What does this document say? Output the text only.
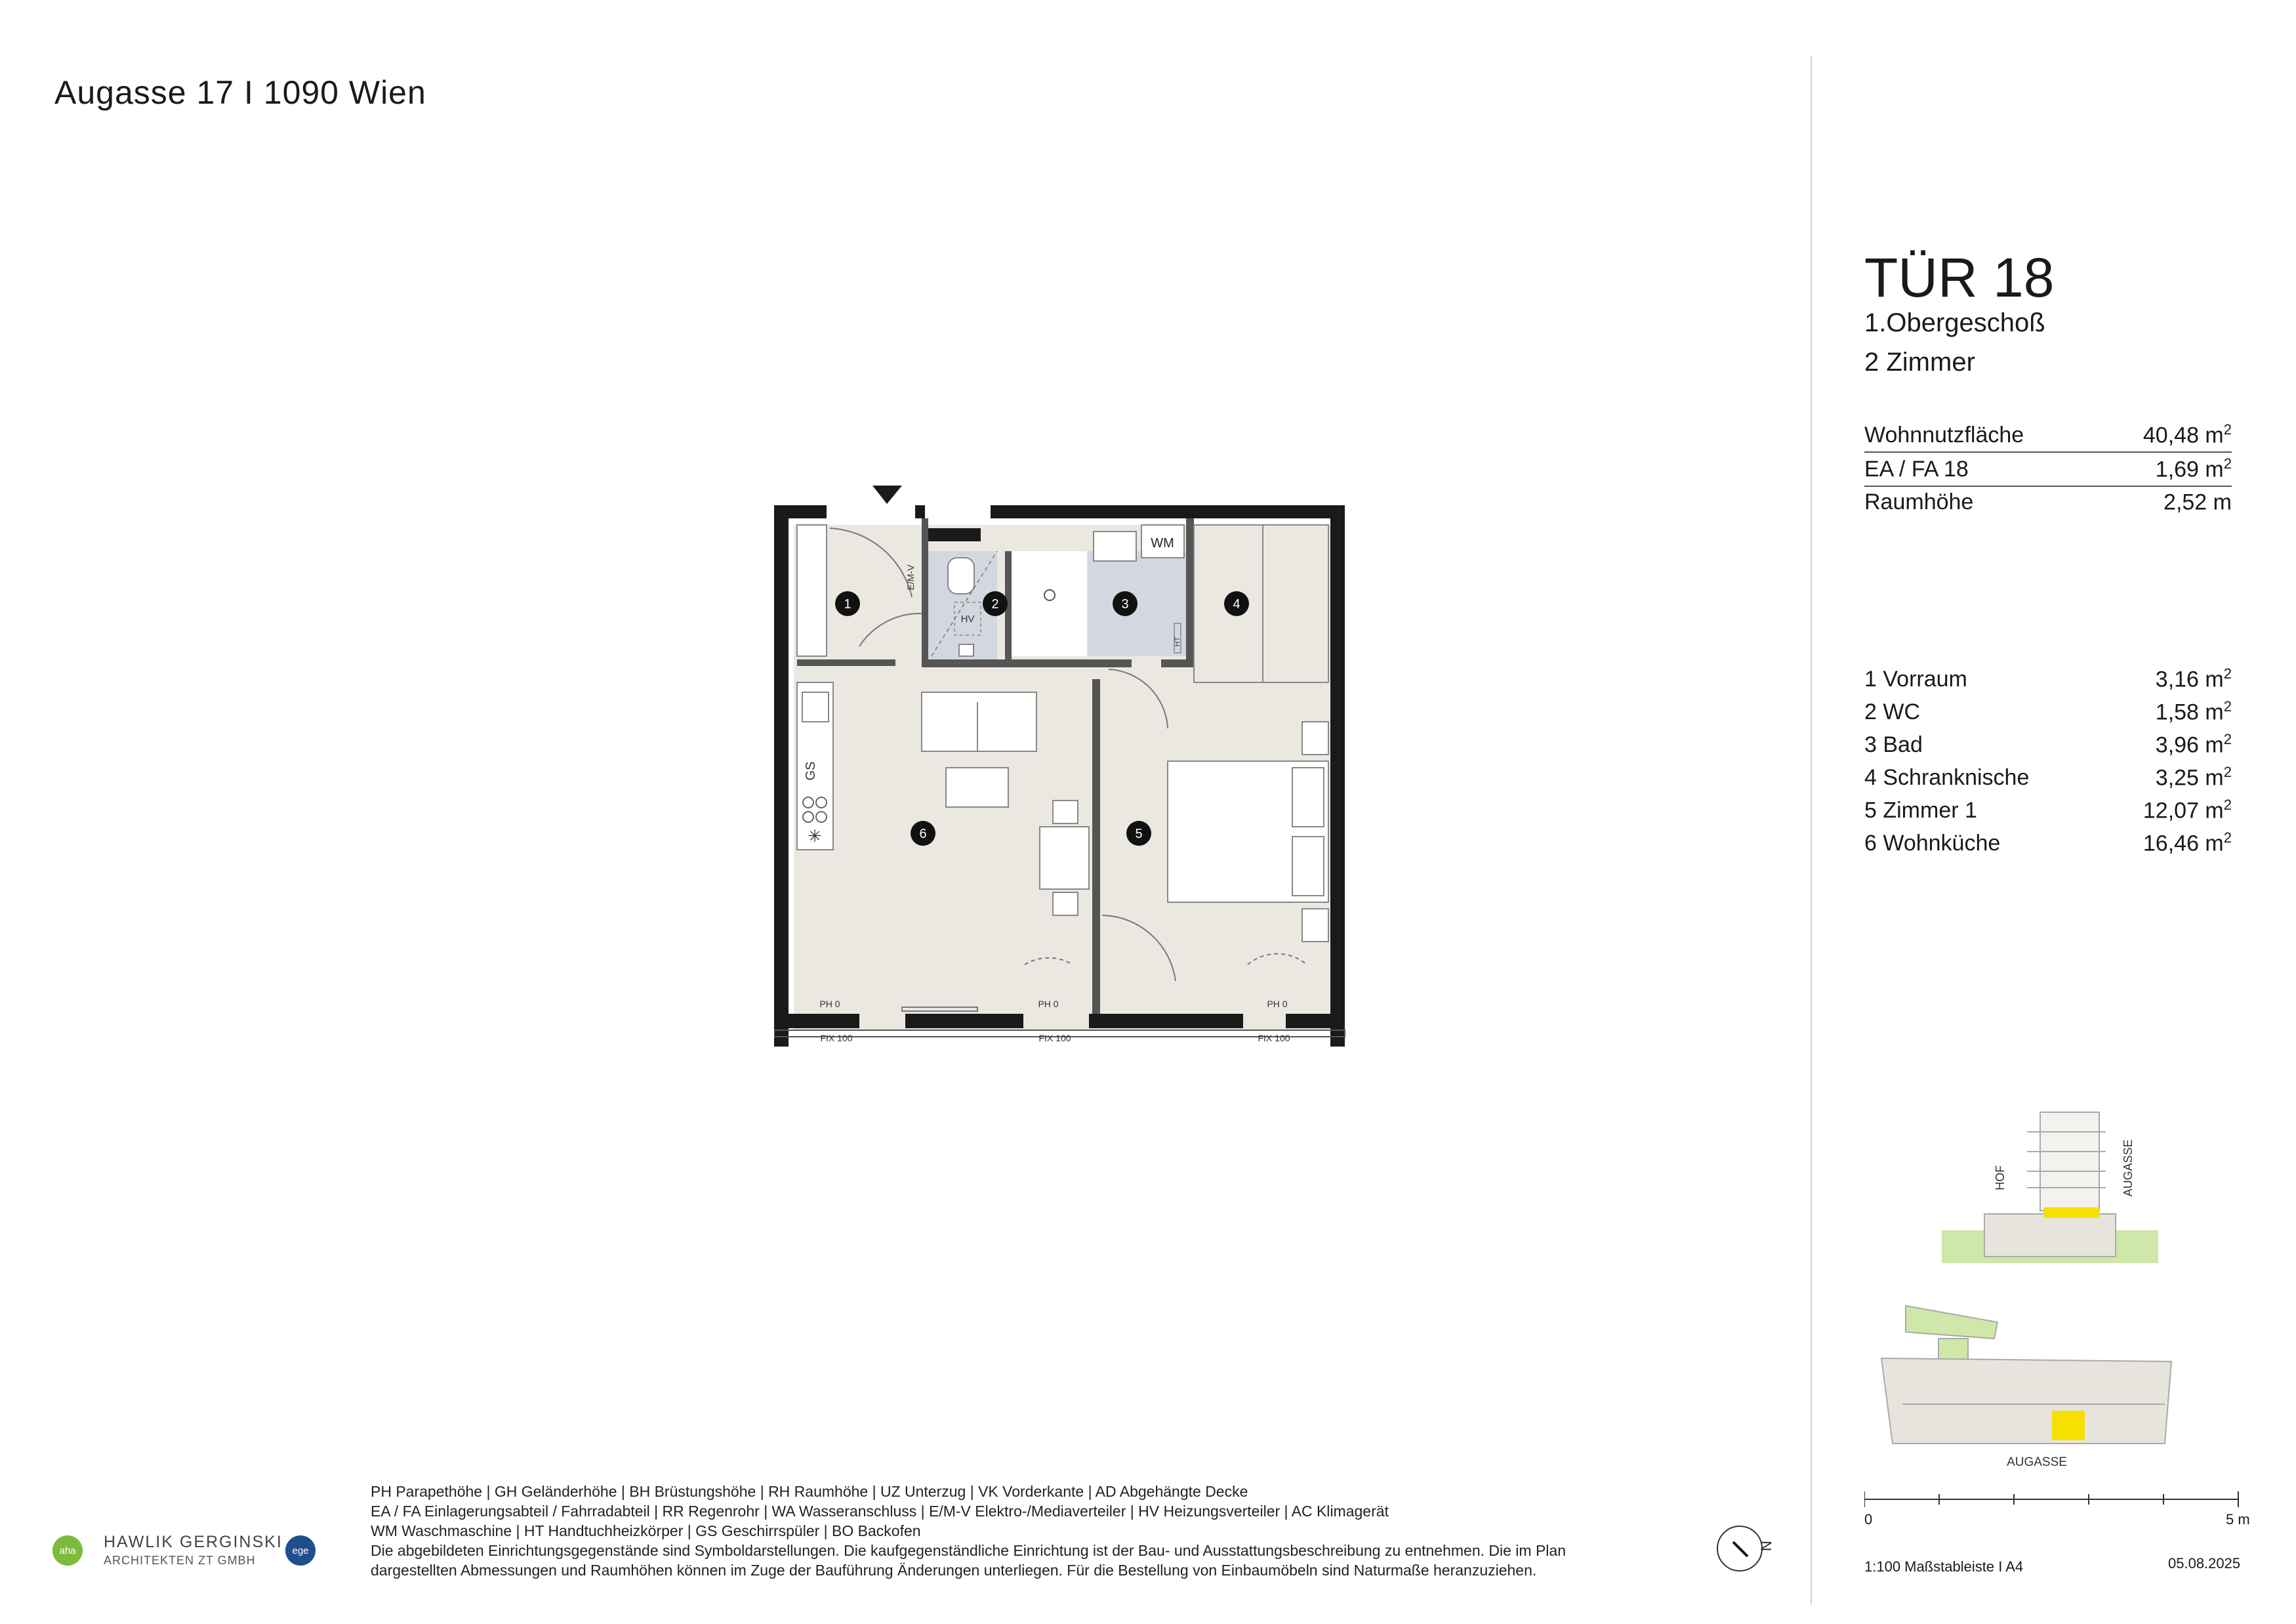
Augasse 17 I 1090 Wien
GS
✳
HV
E/M-V
WM
HT
PH 0	PH 0	PH 0
FIX 100	FIX 100	FIX 100
1	2	3	4
5
6
TÜR 18
1.Obergeschoß
2 Zimmer
Wohnnutzfläche	40,48 $m^2$
EA / FA 18	1,69 $m^2$
Raumhöhe	2,52 m
1 Vorraum	3,16 $m^2$
2 WC	1,58 $m^2$
3 Bad	3,96 $m^2$
4 Schranknische	3,25 $m^2$
5 Zimmer 1	12,07 $m^2$
6 Wohnküche	16,46 $m^2$
HOF	AUGASSE
AUGASSE
0	5 m
1:100 Maßstableiste I A4	05.08.2025
PH Parapethöhe | GH Geländerhöhe | BH Brüstungshöhe | RH Raumhöhe | UZ Unterzug | VK Vorderkante | AD Abgehängte Decke
EA / FA Einlagerungsabteil / Fahrradabteil | RR Regenrohr | WA Wasseranschluss | E/M-V Elektro-/Mediaverteiler | HV Heizungsverteiler | AC Klimagerät
WM Waschmaschine | HT Handtuchheizkörper | GS Geschirrspüler | BO Backofen
Die abgebildeten Einrichtungsgegenstände sind Symboldarstellungen. Die kaufgegenständliche Einrichtung ist der Bau- und Ausstattungsbeschreibung zu entnehmen. Die im Plan
dargestellten Abmessungen und Raumhöhen können im Zuge der Bauführung Änderungen unterliegen. Für die Bestellung von Einbaumöbeln sind Naturmaße heranzuziehen.
aha	HAWLIK GERGINSKI
ARCHITEKTEN ZT GMBH
ege	N
